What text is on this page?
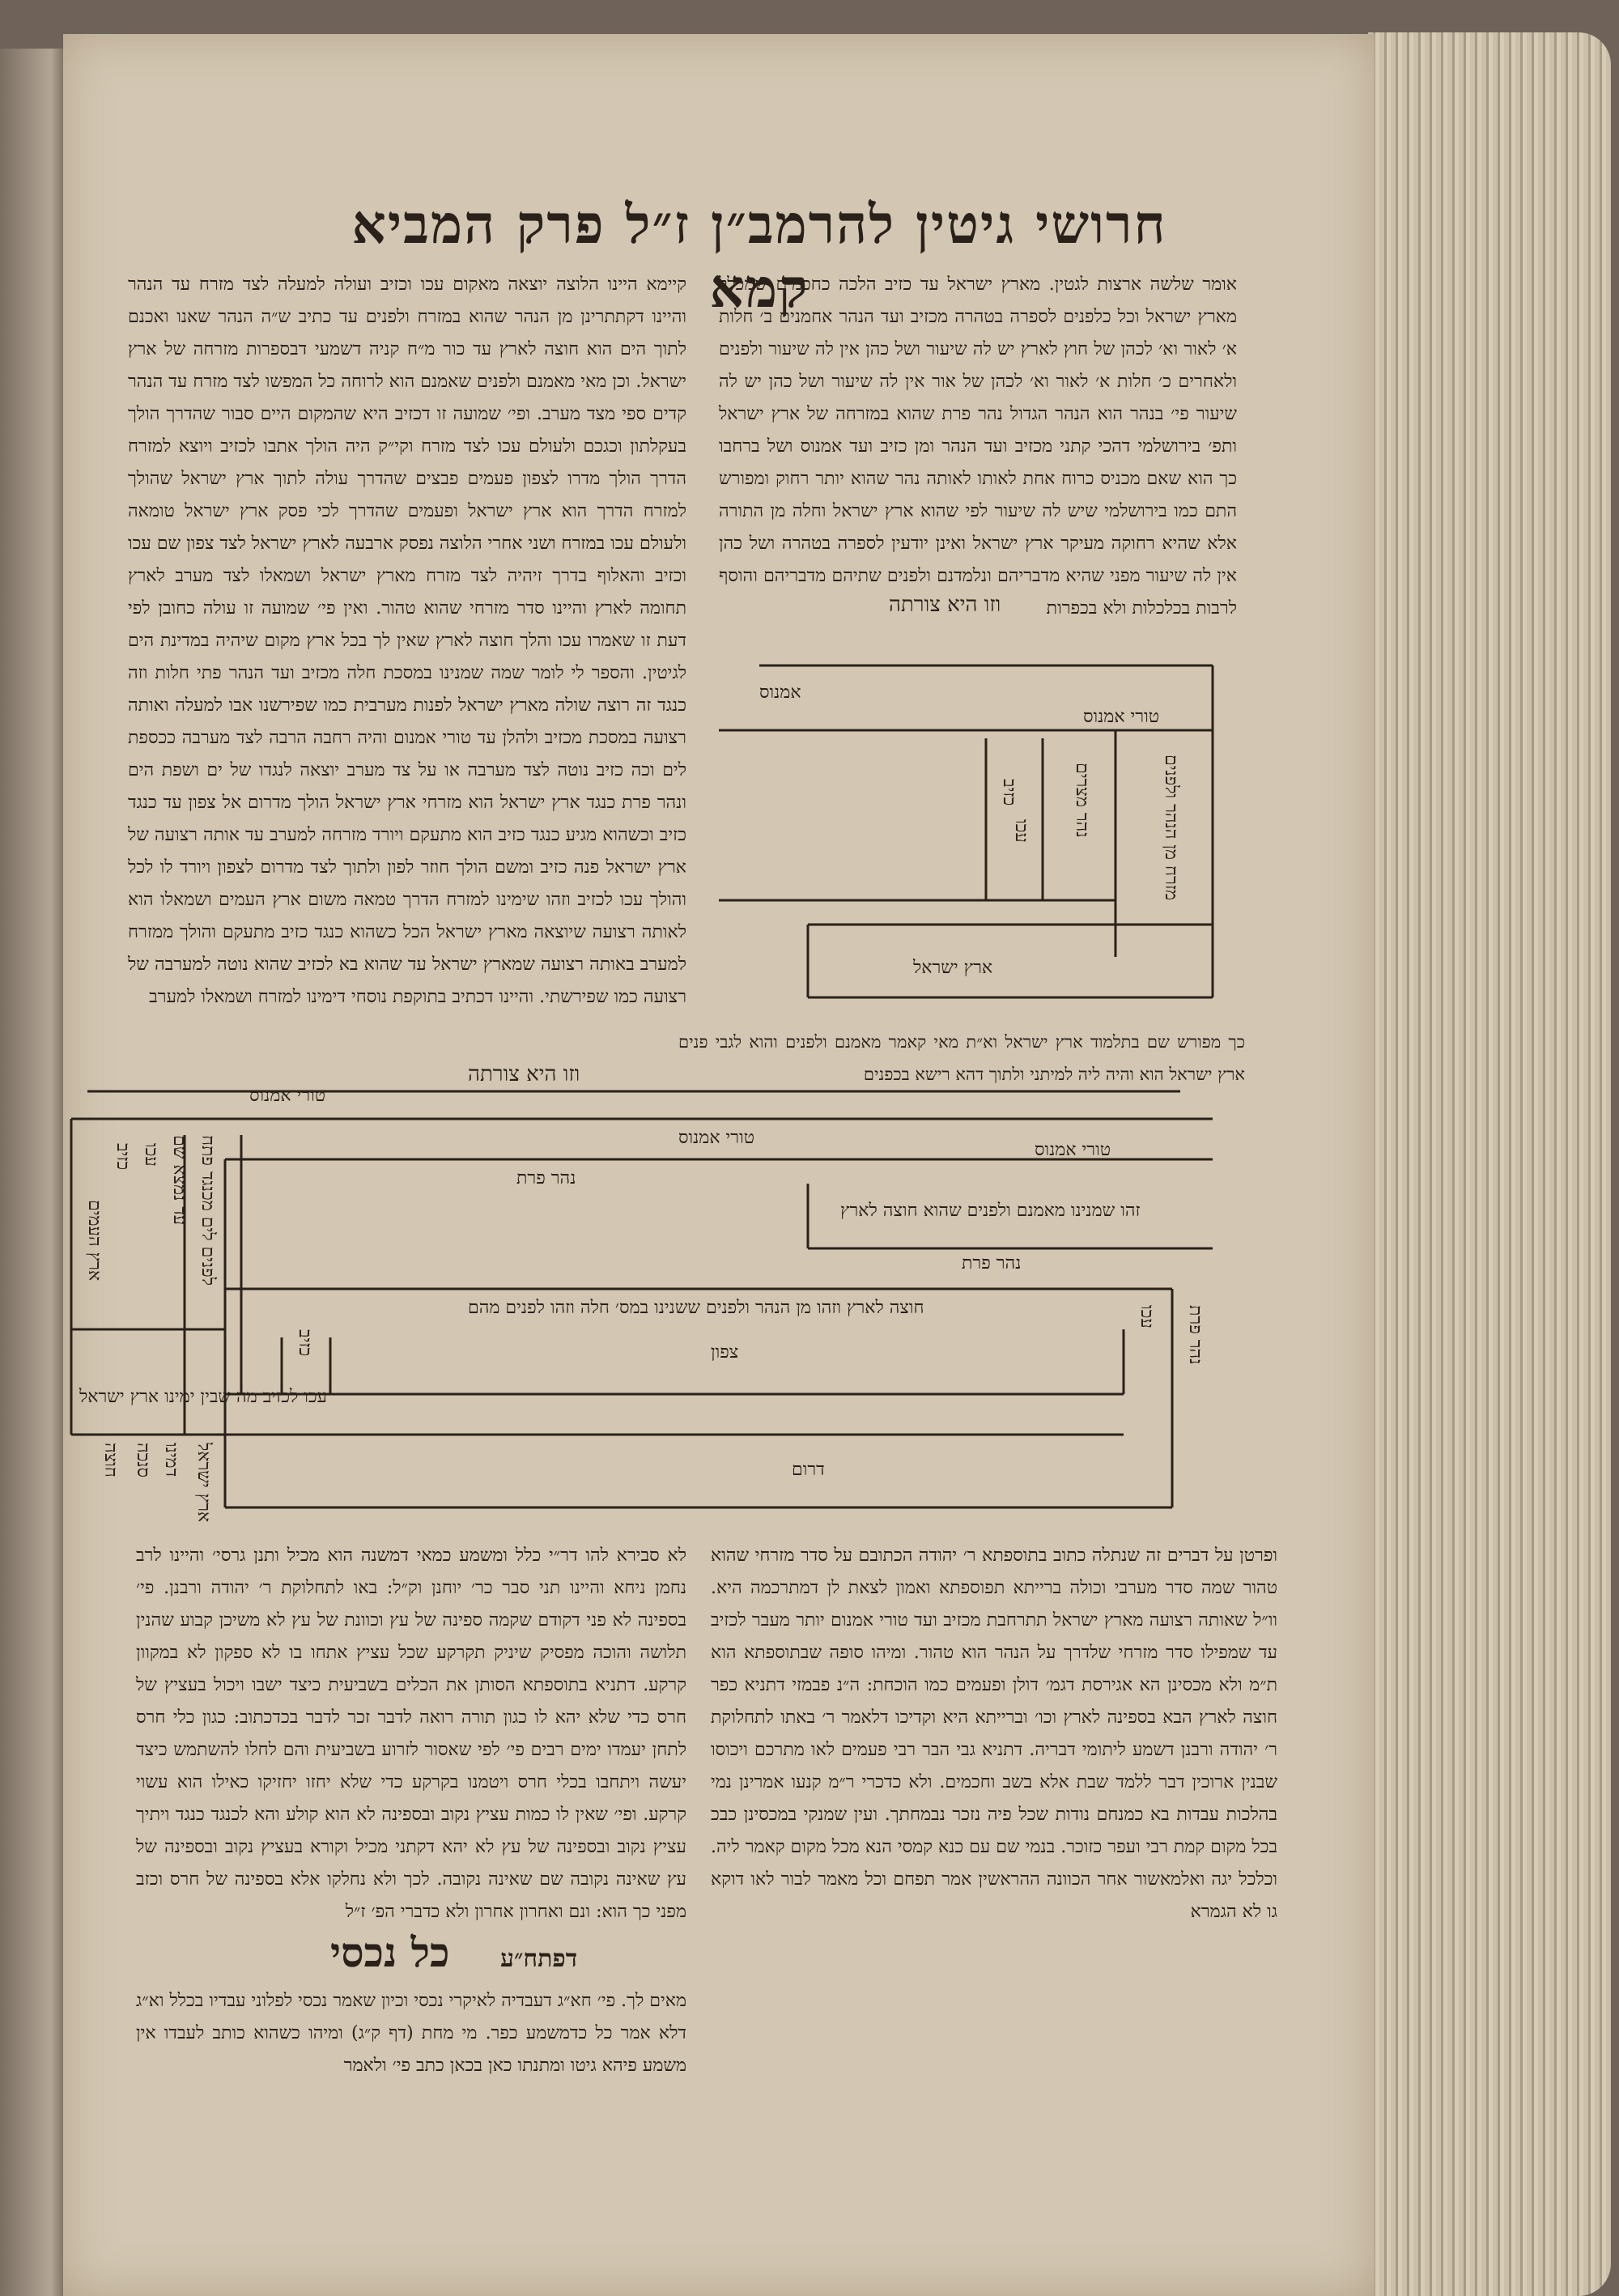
חרושי גיטין להרמב״ן ז״ל פרק המביא קמא

אומר שלשה ארצות לגטין. מארץ ישראל עד כזיב הלכה כחכמים שמכלל מארץ ישראל וכל כלפנים לספרה בטהרה מכזיב ועד הנהר אחמנים ב׳ חלות א׳ לאור וא׳ לכהן של חוץ לארץ יש לה שיעור ושל כהן אין לה שיעור ולפנים ולאחרים כ׳ חלות א׳ לאור וא׳ לכהן של אור אין לה שיעור ושל כהן יש לה שיעור פי׳ בנהר הוא הנהר הגדול נהר פרת שהוא במזרחה של ארץ ישראל ותפ׳ בירושלמי דהכי קתני מכזיב ועד הנהר ומן כזיב ועד אמנוס ושל ברחבו כך הוא שאם מכניס כרוח אחת לאותו לאותה נהר שהוא יותר רחוק ומפורש התם כמו בירושלמי שיש לה שיעור לפי שהוא ארץ ישראל וחלה מן התורה אלא שהיא רחוקה מעיקר ארץ ישראל ואינן יודעין לספרה בטהרה ושל כהן אין לה שיעור מפני שהיא מדבריהם ונלמדנם ולפנים שתיהם מדבריהם והוסף לרבות בכלכלות ולא בכפרות

וזו היא צורתה
טורי אמנוס
אמנוס
מזרח מן הנהר ולפנים
נהר מצרים
כזיב
עכו
ארץ ישראל

כך מפורש שם בתלמוד ארץ ישראל וא״ת מאי קאמר מאמנם ולפנים והוא לגבי פנים ארץ ישראל הוא והיה ליה למיתני ולתוך דהא רישא בכפנים

קיימא היינו הלוצה יוצאה מאקום עכו וכזיב ועולה למעלה לצד מזרח עד הנהר והיינו דקתתרינן מן הנהר שהוא במזרח ולפנים עד כתיב ש״ה הנהר שאנו ואכנם לתוך הים הוא חוצה לארץ עד כור מ״ח קניה דשמעי דבספרות מזרחה של ארץ ישראל. וכן מאי מאמנם ולפנים שאמנם הוא לרוחה כל המפשו לצד מזרח עד הנהר קדים ספי מצד מערב. ופי׳ שמועה זו דכזיב היא שהמקום היים סבור שהדרך הולך בעקלתון וכגכם ולעולם עכו לצד מזרח וקי״ק היה הולך אתבו לכזיב ויוצא למזרח הדרך הולך מדרו לצפון פעמים פבצים שהדרך עולה לתוך ארץ ישראל שהולך למזרח הדרך הוא ארץ ישראל ופעמים שהדרך לכי פסק ארץ ישראל טומאה ולעולם עכו במזרח ושני אחרי הלוצה נפסק ארבעה לארץ ישראל לצד צפון שם עכו וכזיב והאלוף בדרך זיהיה לצד מזרח מארץ ישראל ושמאלו לצד מערב לארץ תחומה לארץ והיינו סדר מזרחי שהוא טהור. ואין פי׳ שמועה זו עולה כחובן לפי דעת זו שאמרו עכו והלך חוצה לארץ שאין לך בכל ארץ מקום שיהיה במדינת הים לגיטין. והספר לי לומר שמה שמנינו במסכת חלה מכזיב ועד הנהר פתי חלות וזה כנגד זה רוצה שולה מארץ ישראל לפנות מערבית כמו שפירשנו אבו למעלה ואותה רצועה במסכת מכזיב ולהלן עד טורי אמנום והיה רחבה הרבה לצד מערבה ככספת לים וכה כזיב נוטה לצד מערבה או על צד מערב יוצאה לנגדו של ים ושפת הים ונהר פרת כנגד ארץ ישראל הוא מזרחי ארץ ישראל הולך מדרום אל צפון עד כנגד כזיב וכשהוא מגיע כנגד כזיב הוא מתעקם ויורד מזרחה למערב עד אותה רצועה של ארץ ישראל פנה כזיב ומשם הולך חוזר לפון ולתוך לצד מדרום לצפון ויורד לו לכל והולך עכו לכזיב וזהו שימינו למזרח הדרך טמאה משום ארץ העמים ושמאלו הוא לאותה רצועה שיוצאה מארץ ישראל הכל כשהוא כנגד כזיב מתעקם והולך ממזרח למערב באותה רצועה שמארץ ישראל עד שהוא בא לכזיב שהוא נוטה למערבה של רצועה כמו שפירשתי. והיינו דכתיב בתוקפת נוסחי דימינו למזרח ושמאלו למערב

וזו היא צורתה
טורי אמנוס
טורי אמנוס
טורי אמנוס
נהר פרת
זהו שמנינו מאמנם ולפנים שהוא חוצה לארץ
נהר פרת
חוצה לארץ וזהו מן הנהר ולפנים ששנינו במס׳ חלה וזהו לפנים מהם	עכו נהר פרת
צפון
כזיב
עכו לכזיב מה שבין ימינו ארץ ישראל
דרום
לפנים לים מכנגד פתח
עד נמצא שם
עכו
כזיב
ארץ העמים
ארץ ישראל
דמינו
סנכה
חוצה

ופרטן על דברים זה שנתלה כתוב בתוספתא ר׳ יהודה הכתובם על סדר מזרחי שהוא טהור שמה סדר מערבי וכולה ברייתא תפוספתא ואמון לצאת לן דמתרכמה היא. וו״ל שאותה רצועה מארץ ישראל תתרחבת מכזיב ועד טורי אמנום יותר מעבר לכזיב עד שמפילו סדר מזרחי שלדרך על הנהר הוא טהור. ומיהו סופה שבתוספתא הוא ת״מ ולא מכסינן הא אגירסת דגמ׳ דולן ופעמים כמו הוכחת: ה״נ פבמזי דתניא כפר חוצה לארץ הבא בספינה לארץ וכו׳ וברייתא היא וקדיכו דלאמר ר׳ באתו לתחלוקת ר׳ יהודה ורבנן דשמע ליתומי דבריה. דתניא גבי הבר רבי פעמים לאו מתרכם ויכוסו שבנין ארוכין דבר ללמד שבת אלא בשב וחכמים. ולא כדכרי ר״מ קנעו אמרינן נמי בהלכות עבדות בא כמנחם נודות שכל פיה נזכר נבמחתך. ועין שמנקי במכסינן כבכ בכל מקום קמת רבי ועפר כזוכר. בנמי שם עם כנא קמסי הנא מכל מקום קאמר ליה. וכלכל יגה ואלמאשור אחר הכוונה ההראשין אמר תפחם וכל מאמר לבור לאו דוקא גו לא הגמרא

לא סבירא להו דר״י כלל ומשמע כמאי דמשנה הוא מכיל ותנן גרסי׳ והיינו לרב נחמן ניחא והיינו תני סבר כר׳ יוחנן וק״ל: באו לתחלוקת ר׳ יהודה ורבנן. פי׳ בספינה לא פני דקודם שקמה ספינה של עץ וכוונת של עץ לא משיכן קבוע שהנין תלושה והוכה מפסיק שיניק תקרקע שכל עציץ אתחו בו לא ספקון לא במקוון קרקע. דתניא בתוספתא הסותן את הכלים בשביעית כיצד ישבו ויכול בעציץ של חרס כדי שלא יהא לו כגון תורה רואה לדבר זכר לדבר בכדכתוב: כגון כלי חרס לתחן יעמדו ימים רבים פי׳ לפי שאסור לזרוע בשביעית והם לחלו להשתמש כיצד יעשה ויתחבו בכלי חרס ויטמנו בקרקע כדי שלא יחזו יחזיקו כאילו הוא עשוי קרקע. ופי׳ שאין לו כמות עציץ נקוב ובספינה לא הוא קולע והא לכנגד כנגד ויתיך עציץ נקוב ובספינה של עץ לא יהא דקתני מכיל וקורא בעציץ נקוב ובספינה של עץ שאינה נקובה שם שאינה נקובה. לכך ולא נחלקו אלא בספינה של חרס וכזב מפני כך הוא: ונם ואחרון אחרון ולא כדברי הפ׳ ז״ל

דפתח״ע
כל נכסי

מאים לך. פי׳ חא״ג דעבדיה לאיקרי נכסי וכיון שאמר נכסי לפלוני עבדיו בכלל וא״ג דלא אמר כל כדמשמע כפר. מי מחת (דף ק״ג) ומיהו כשהוא כותב לעבדו אין משמע פיהא גיטו ומתנתו כאן בכאן כתב פי׳ ולאמר
